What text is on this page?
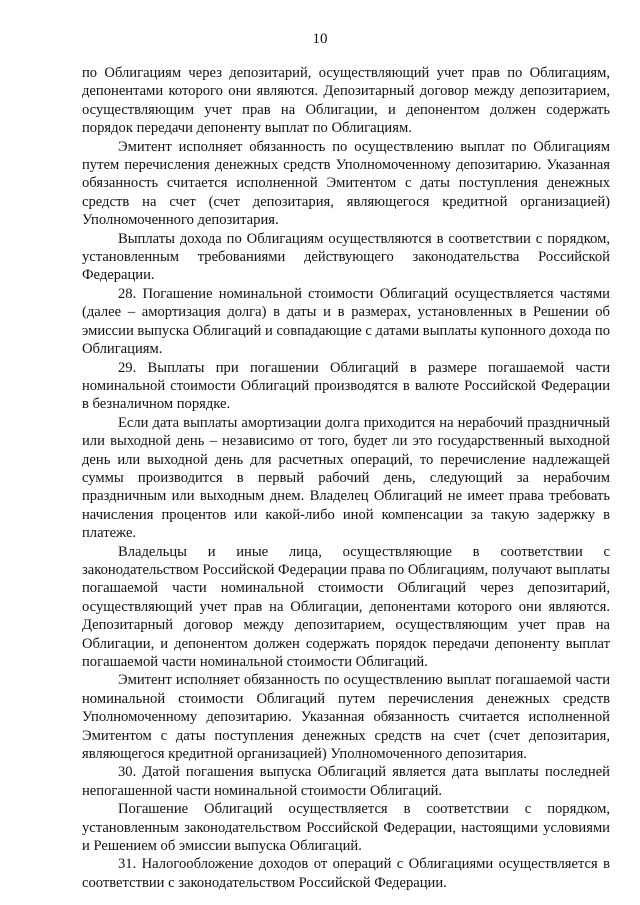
10

по Облигациям через депозитарий, осуществляющий учет прав по Облигациям, депонентами которого они являются. Депозитарный договор между депозитарием, осуществляющим учет прав на Облигации, и депонентом должен содержать порядок передачи депоненту выплат по Облигациям.

Эмитент исполняет обязанность по осуществлению выплат по Облигациям путем перечисления денежных средств Уполномоченному депозитарию. Указанная обязанность считается исполненной Эмитентом с даты поступления денежных средств на счет (счет депозитария, являющегося кредитной организацией) Уполномоченного депозитария.

Выплаты дохода по Облигациям осуществляются в соответствии с порядком, установленным требованиями действующего законодательства Российской Федерации.

28. Погашение номинальной стоимости Облигаций осуществляется частями (далее – амортизация долга) в даты и в размерах, установленных в Решении об эмиссии выпуска Облигаций и совпадающие с датами выплаты купонного дохода по Облигациям.

29. Выплаты при погашении Облигаций в размере погашаемой части номинальной стоимости Облигаций производятся в валюте Российской Федерации в безналичном порядке.

Если дата выплаты амортизации долга приходится на нерабочий праздничный или выходной день – независимо от того, будет ли это государственный выходной день или выходной день для расчетных операций, то перечисление надлежащей суммы производится в первый рабочий день, следующий за нерабочим праздничным или выходным днем. Владелец Облигаций не имеет права требовать начисления процентов или какой-либо иной компенсации за такую задержку в платеже.

Владельцы и иные лица, осуществляющие в соответствии с законодательством Российской Федерации права по Облигациям, получают выплаты погашаемой части номинальной стоимости Облигаций через депозитарий, осуществляющий учет прав на Облигации, депонентами которого они являются. Депозитарный договор между депозитарием, осуществляющим учет прав на Облигации, и депонентом должен содержать порядок передачи депоненту выплат погашаемой части номинальной стоимости Облигаций.

Эмитент исполняет обязанность по осуществлению выплат погашаемой части номинальной стоимости Облигаций путем перечисления денежных средств Уполномоченному депозитарию. Указанная обязанность считается исполненной Эмитентом с даты поступления денежных средств на счет (счет депозитария, являющегося кредитной организацией) Уполномоченного депозитария.

30. Датой погашения выпуска Облигаций является дата выплаты последней непогашенной части номинальной стоимости Облигаций.

Погашение Облигаций осуществляется в соответствии с порядком, установленным законодательством Российской Федерации, настоящими условиями и Решением об эмиссии выпуска Облигаций.

31. Налогообложение доходов от операций с Облигациями осуществляется в соответствии с законодательством Российской Федерации.
